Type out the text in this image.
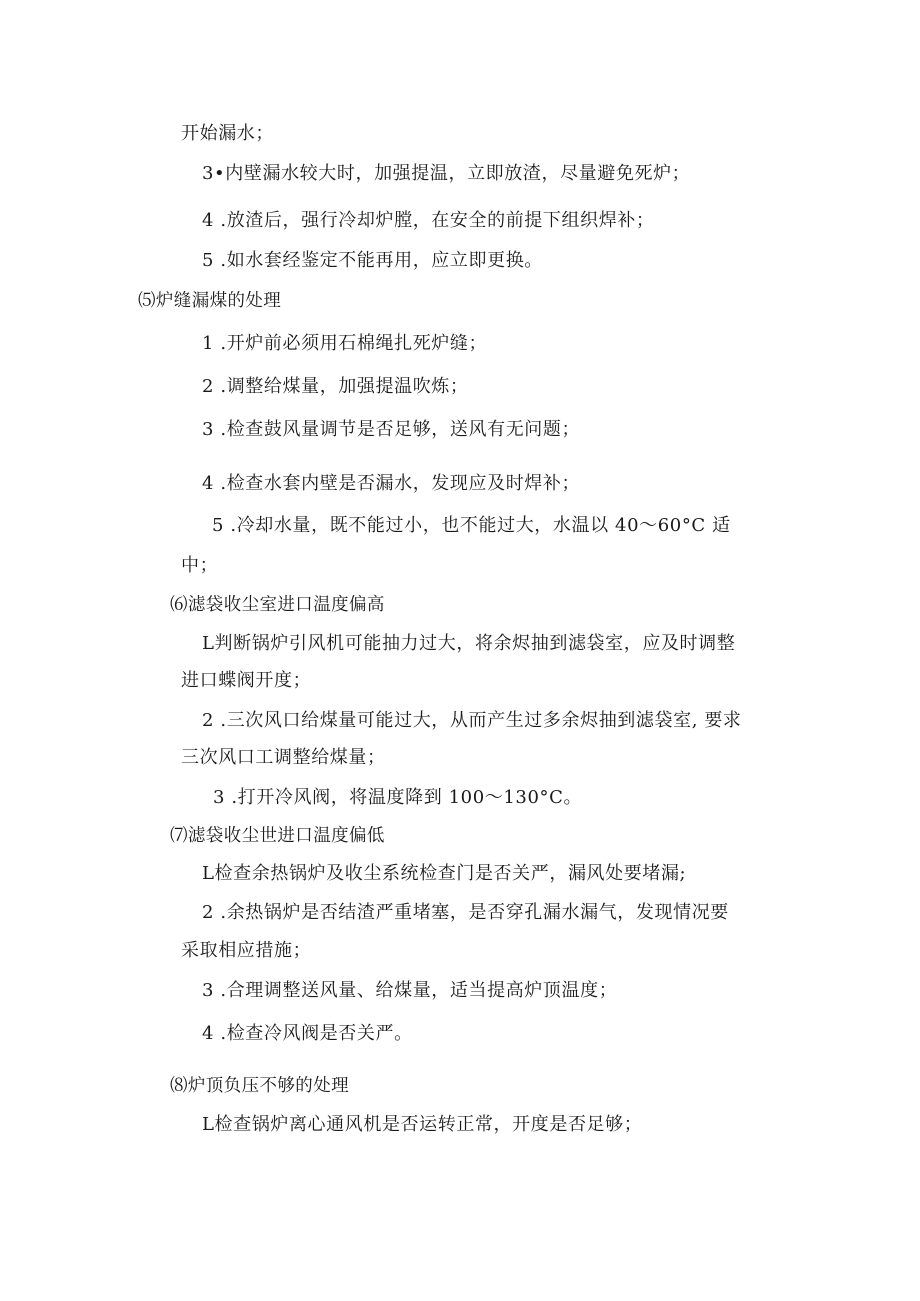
开始漏水；
3•内壁漏水较大时，加强提温，立即放渣，尽量避免死炉；
4 .放渣后，强行冷却炉膛，在安全的前提下组织焊补；
5 .如水套经鉴定不能再用，应立即更换。
⑸炉缝漏煤的处理
1 .开炉前必须用石棉绳扎死炉缝；
2 .调整给煤量，加强提温吹炼；
3 .检查鼓风量调节是否足够，送风有无问题；
4 .检查水套内壁是否漏水，发现应及时焊补；
5 .冷却水量，既不能过小，也不能过大，水温以 40～60°C 适
中；
⑹滤袋收尘室进口温度偏高
L判断锅炉引风机可能抽力过大，将余烬抽到滤袋室，应及时调整
进口蝶阀开度；
2 .三次风口给煤量可能过大，从而产生过多余烬抽到滤袋室, 要求
三次风口工调整给煤量；
3 .打开冷风阀，将温度降到 100～130°C。
⑺滤袋收尘世进口温度偏低
L检查余热锅炉及收尘系统检查门是否关严，漏风处要堵漏;
2 .余热锅炉是否结渣严重堵塞，是否穿孔漏水漏气，发现情况要
采取相应措施；
3 .合理调整送风量、给煤量，适当提高炉顶温度；
4 .检查冷风阀是否关严。
⑻炉顶负压不够的处理
L检查锅炉离心通风机是否运转正常，开度是否足够；
